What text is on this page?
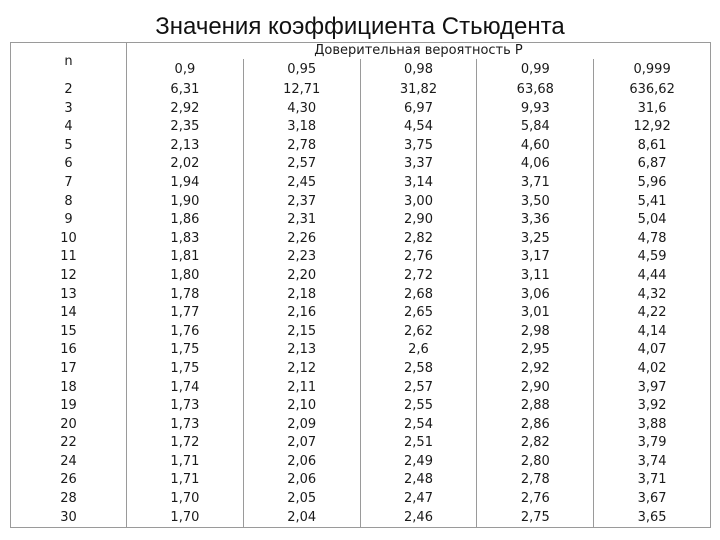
Значения коэффициента Стьюдента
n	Доверительная вероятность P				
	0,9	0,95	0,98	0,99	0,999
2	6,31	12,71	31,82	63,68	636,62
3	2,92	4,30	6,97	9,93	31,6
4	2,35	3,18	4,54	5,84	12,92
5	2,13	2,78	3,75	4,60	8,61
6	2,02	2,57	3,37	4,06	6,87
7	1,94	2,45	3,14	3,71	5,96
8	1,90	2,37	3,00	3,50	5,41
9	1,86	2,31	2,90	3,36	5,04
10	1,83	2,26	2,82	3,25	4,78
11	1,81	2,23	2,76	3,17	4,59
12	1,80	2,20	2,72	3,11	4,44
13	1,78	2,18	2,68	3,06	4,32
14	1,77	2,16	2,65	3,01	4,22
15	1,76	2,15	2,62	2,98	4,14
16	1,75	2,13	2,6	2,95	4,07
17	1,75	2,12	2,58	2,92	4,02
18	1,74	2,11	2,57	2,90	3,97
19	1,73	2,10	2,55	2,88	3,92
20	1,73	2,09	2,54	2,86	3,88
22	1,72	2,07	2,51	2,82	3,79
24	1,71	2,06	2,49	2,80	3,74
26	1,71	2,06	2,48	2,78	3,71
28	1,70	2,05	2,47	2,76	3,67
30	1,70	2,04	2,46	2,75	3,65
